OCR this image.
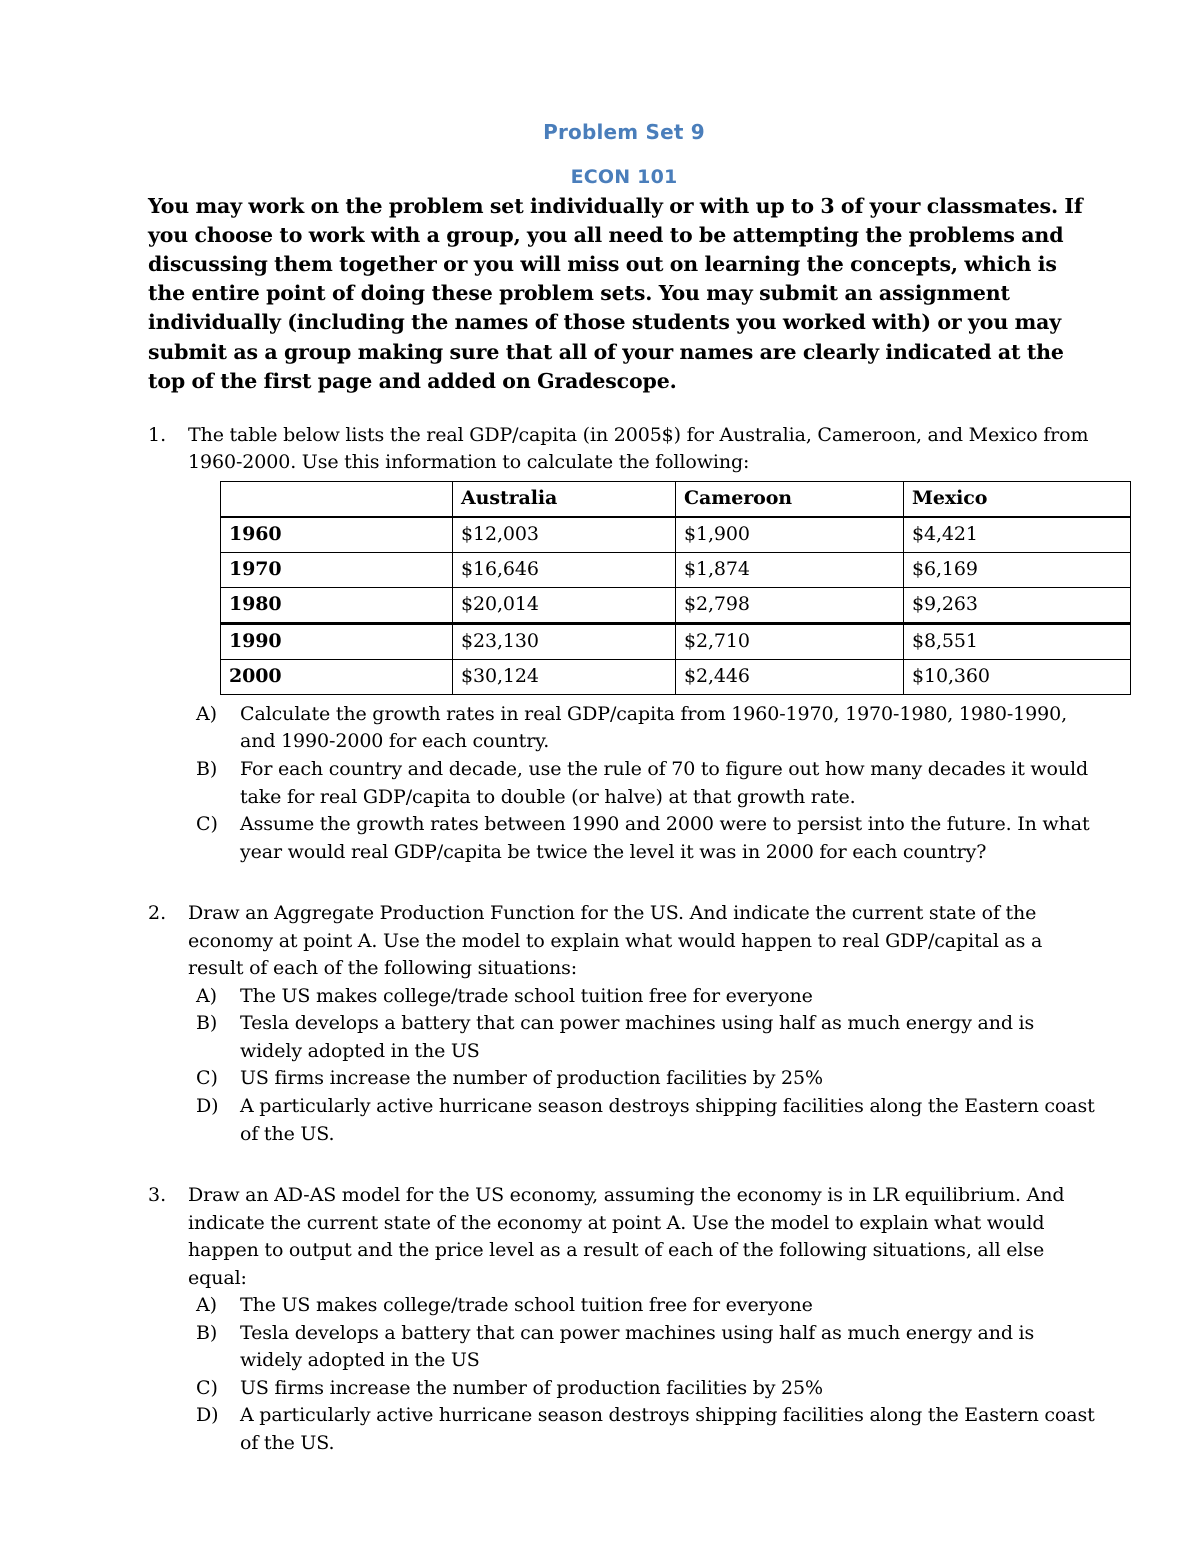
Problem Set 9
ECON 101

You may work on the problem set individually or with up to 3 of your classmates. If you choose to work with a group, you all need to be attempting the problems and discussing them together or you will miss out on learning the concepts, which is the entire point of doing these problem sets. You may submit an assignment individually (including the names of those students you worked with) or you may submit as a group making sure that all of your names are clearly indicated at the top of the first page and added on Gradescope.

1.	The table below lists the real GDP/capita (in 2005$) for Australia, Cameroon, and Mexico from 1960-2000. Use this information to calculate the following:
	Australia	Cameroon	Mexico
1960	$12,003	$1,900	$4,421
1970	$16,646	$1,874	$6,169
1980	$20,014	$2,798	$9,263
1990	$23,130	$2,710	$8,551
2000	$30,124	$2,446	$10,360
A)	Calculate the growth rates in real GDP/capita from 1960-1970, 1970-1980, 1980-1990, and 1990-2000 for each country.
B)	For each country and decade, use the rule of 70 to figure out how many decades it would take for real GDP/capita to double (or halve) at that growth rate.
C)	Assume the growth rates between 1990 and 2000 were to persist into the future. In what year would real GDP/capita be twice the level it was in 2000 for each country?
2.	Draw an Aggregate Production Function for the US. And indicate the current state of the economy at point A. Use the model to explain what would happen to real GDP/capital as a result of each of the following situations:
A)	The US makes college/trade school tuition free for everyone
B)	Tesla develops a battery that can power machines using half as much energy and is widely adopted in the US
C)	US firms increase the number of production facilities by 25%
D)	A particularly active hurricane season destroys shipping facilities along the Eastern coast of the US.
3.	Draw an AD-AS model for the US economy, assuming the economy is in LR equilibrium. And indicate the current state of the economy at point A. Use the model to explain what would happen to output and the price level as a result of each of the following situations, all else equal:
A)	The US makes college/trade school tuition free for everyone
B)	Tesla develops a battery that can power machines using half as much energy and is widely adopted in the US
C)	US firms increase the number of production facilities by 25%
D)	A particularly active hurricane season destroys shipping facilities along the Eastern coast of the US.
